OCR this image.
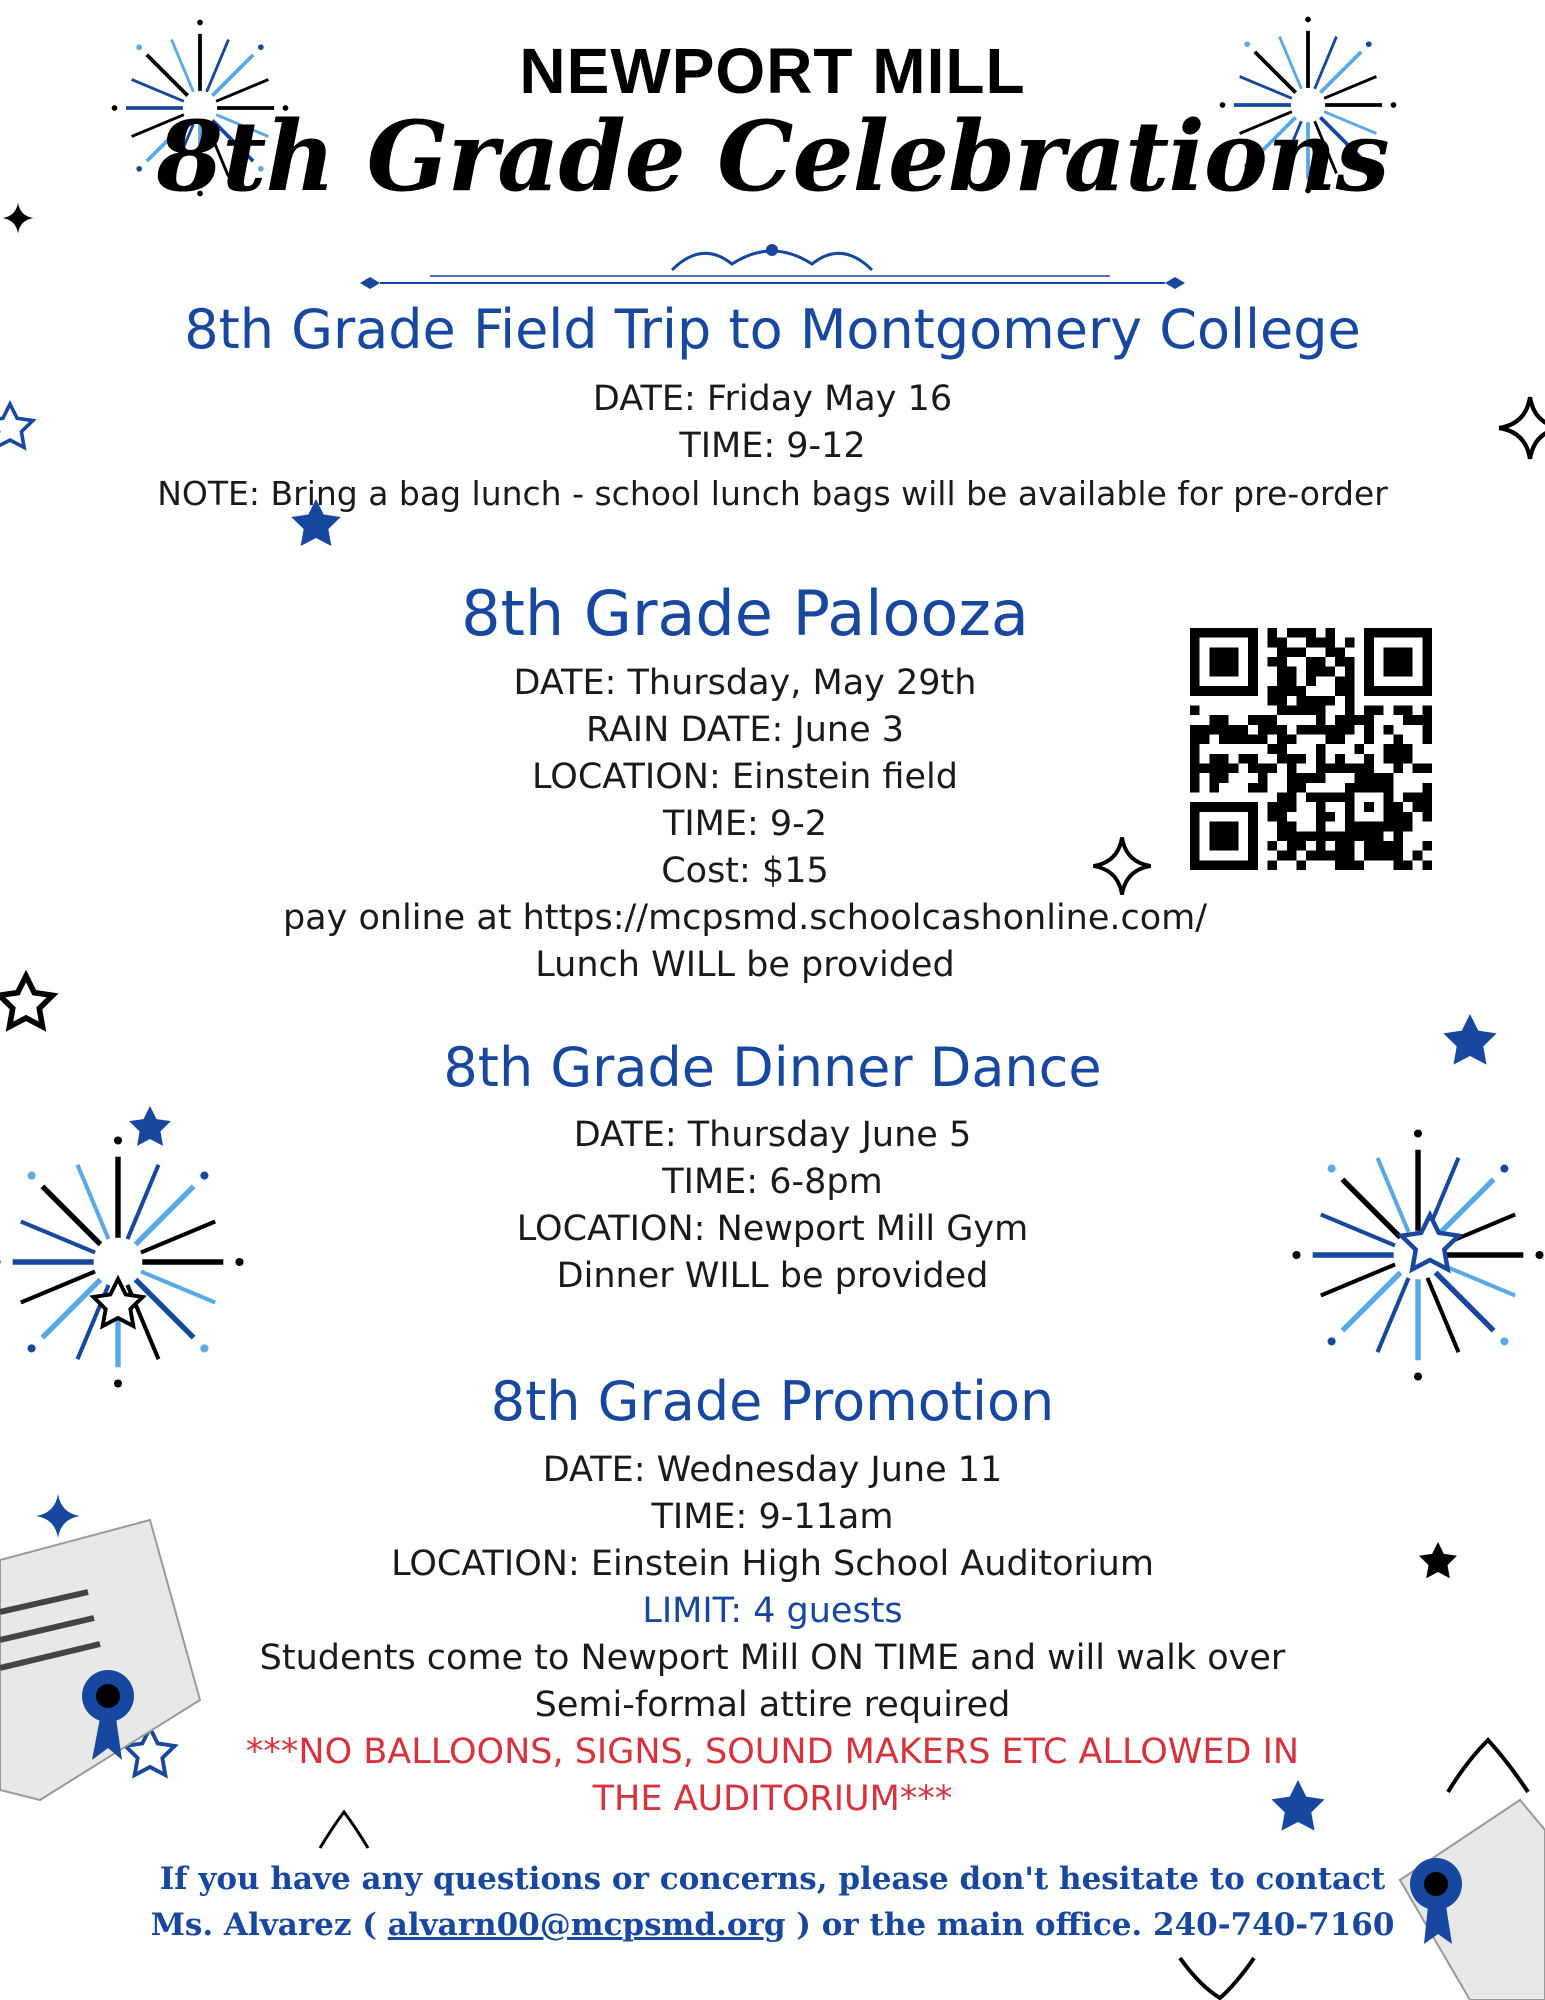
NEWPORT MILL
8th Grade Celebrations
8th Grade Field Trip to Montgomery College
DATE: Friday May 16
TIME: 9-12
NOTE: Bring a bag lunch - school lunch bags will be available for pre-order
8th Grade Palooza
DATE: Thursday, May 29th
RAIN DATE: June 3
LOCATION: Einstein field
TIME: 9-2
Cost: $15
pay online at https://mcpsmd.schoolcashonline.com/
Lunch WILL be provided
8th Grade Dinner Dance
DATE: Thursday June 5
TIME: 6-8pm
LOCATION: Newport Mill Gym
Dinner WILL be provided
8th Grade Promotion
DATE: Wednesday June 11
TIME: 9-11am
LOCATION: Einstein High School Auditorium
LIMIT: 4 guests
Students come to Newport Mill ON TIME and will walk over
Semi-formal attire required
***NO BALLOONS, SIGNS, SOUND MAKERS ETC ALLOWED IN
THE AUDITORIUM***
If you have any questions or concerns, please don't hesitate to contact
Ms. Alvarez ( alvarn00@mcpsmd.org ) or the main office. 240-740-7160
